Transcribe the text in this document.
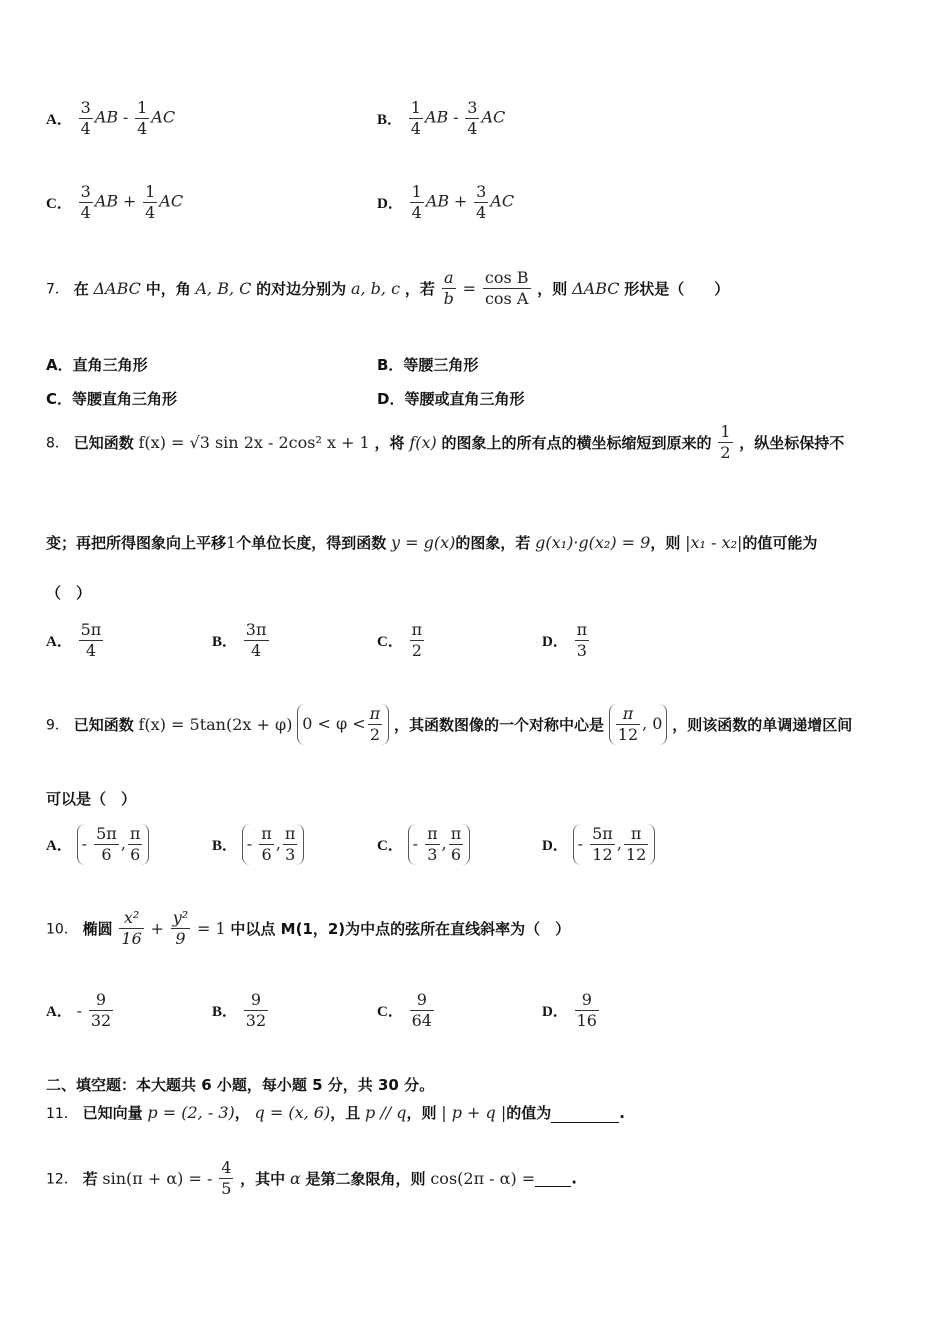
A． $\frac{3}{4}$ AB - $\frac{1}{4}$ AC	B． $\frac{1}{4}$ AB - $\frac{3}{4}$ AC
C． $\frac{3}{4}$ AB + $\frac{1}{4}$ AC	D． $\frac{1}{4}$ AB + $\frac{3}{4}$ AC
7． 在 ΔABC 中，角 A, B, C 的对边分别为 a, b, c ，若 $\frac{a}{b} = \frac{\text{cos B}}{\text{cos A}}$ ，则 ΔABC 形状是（　　）
A．直角三角形	B．等腰三角形
C．等腰直角三角形	D．等腰或直角三角形
8． 已知函数 f(x) = √3 sin 2x - 2cos² x + 1 ，将 f(x) 的图象上的所有点的横坐标缩短到原来的 $\frac{1}{2}$ ，纵坐标保持不
变；再把所得图象向上平移1个单位长度，得到函数 y = g(x)的图象，若 g(x₁)·g(x₂) = 9，则 |x₁ - x₂|的值可能为
（　）
A． $\frac{5\pi}{4}$	B． $\frac{3\pi}{4}$	C． $\frac{\pi}{2}$	D． $\frac{\pi}{3}$
9． 已知函数 f(x) = 5tan(2x + φ) $0 < \varphi < \frac{\pi}{2}$ ，其函数图像的一个对称中心是 $\frac{\pi}{12}$ , 0 ，则该函数的单调递增区间
可以是（　）
A． - $\frac{5\pi}{6}$ , $\frac{\pi}{6}$	B． - $\frac{\pi}{6}$ , $\frac{\pi}{3}$	C． - $\frac{\pi}{3}$ , $\frac{\pi}{6}$	D． - $\frac{5\pi}{12}$ , $\frac{\pi}{12}$
10． 椭圆 $\frac{\text{x²}}{16} + \frac{\text{y²}}{9} = 1$ 中以点 M(1，2)为中点的弦所在直线斜率为（　）
A． - $\frac{9}{32}$	B． $\frac{9}{32}$	C． $\frac{9}{64}$	D． $\frac{9}{16}$
二、填空题：本大题共 6 小题，每小题 5 分，共 30 分。
11． 已知向量 p = (2, - 3)， q = (x, 6)，且 p // q，则 | p + q |的值为	.
12． 若 sin(π + α) = - $\frac{4}{5}$ ，其中 α 是第二象限角，则 cos(2π - α) = .
